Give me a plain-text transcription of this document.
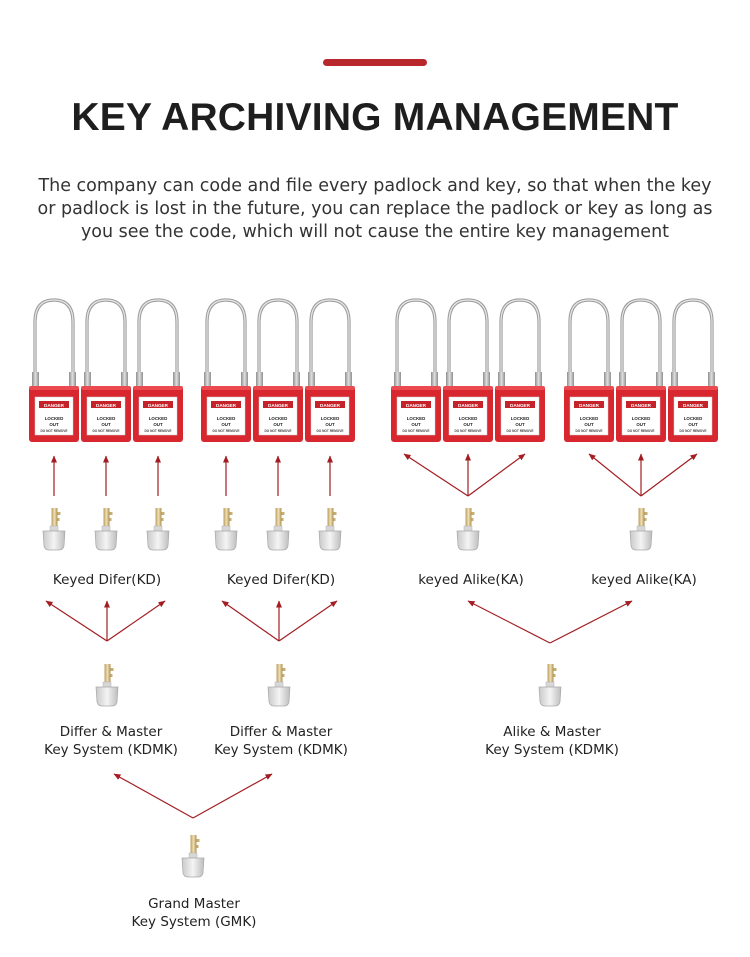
KEY ARCHIVING MANAGEMENT
The company can code and file every padlock and key, so that when the key or padlock is lost in the future, you can replace the padlock or key as long as you see the code, which will not cause the entire key management
DANGER
LOCKED
OUT
DO NOT REMOVE
DANGER
LOCKED
OUT
DO NOT REMOVE
DANGER
LOCKED
OUT
DO NOT REMOVE
DANGER
LOCKED
OUT
DO NOT REMOVE
DANGER
LOCKED
OUT
DO NOT REMOVE
DANGER
LOCKED
OUT
DO NOT REMOVE
DANGER
LOCKED
OUT
DO NOT REMOVE
DANGER
LOCKED
OUT
DO NOT REMOVE
DANGER
LOCKED
OUT
DO NOT REMOVE
DANGER
LOCKED
OUT
DO NOT REMOVE
DANGER
LOCKED
OUT
DO NOT REMOVE
DANGER
LOCKED
OUT
DO NOT REMOVE
Keyed Difer(KD)	Keyed Difer(KD)	keyed Alike(KA)	keyed Alike(KA)
Differ & Master
Key System (KDMK)
Differ & Master
Key System (KDMK)
Alike & Master
Key System (KDMK)
Grand Master
Key System (GMK)
